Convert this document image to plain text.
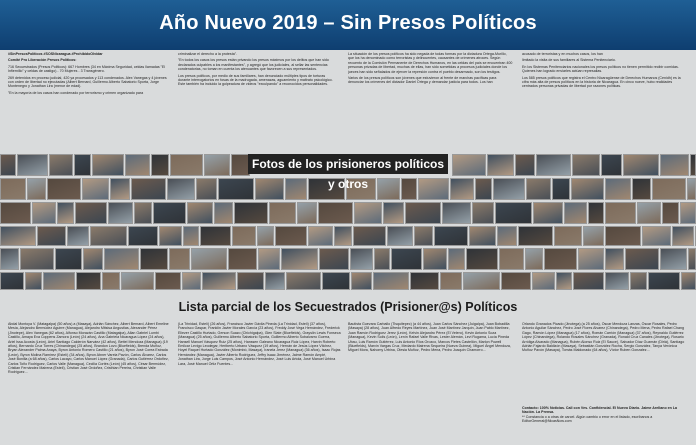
Año Nuevo 2019 – Sin Presos Políticos

#SinPresosPolíticos #SOSNicaragua #ProhibidoOlvidar

Comité Pro Liberación Presos Políticos:

716 Secuestrados (Presos Políticos): 667 Hombres (34 en Máxima Seguridad, celdas llamadas "El Infiernillo" y celdas de castigo) - 70 Mujeres - 3 Transgénero.

269 detenidos en proceso judicial, 420 ya procesados y 113 condenados. Alex Vanegas y 4 jóvenes con orden de libertad no ejecutadas (Albert Bernard, Guillermo Alberto Sabatorio Sporta, Jorge Montenegro y Jonathan Lira (menor de edad).

"En la mayoría de los casos han condenado por terrorismo y crimen organizado para

criminalizar el derecho a la protesta".

"En todos los casos los presos están privando los presos máximos por los delitos que han sido declarados culpables a los manifestantes", y agregó que los judiciales, al sellar las sentencias condenatorias, no toman en cuenta los atenuantes que favorecen a sus representados.

Los presos políticos, por medio de sus familiares, han denunciado múltiples tipos de torturas durante interrogatorios en fosas de la madrugada, amenazas, aguamiento y maltrato psicológico. Este también ha incluido la golpeadura de videos "exculpando" a reconocidos personalidades.

La situación de los presos políticos ha sido negada de todas formas por la dictadura Ortega-Murillo, que los ha denominado como terroristas y delincuentes, causantes de crímenes atroces. Según recuento de la Comisión Permanente de Derechos Humanos, en las celdas del país se encuentran 400 personas privadas de libertad, muchas de ellas, han sido sometidas a procesos judiciales donde los jueces han sido señalados de ejercer la represión contra el pueblo desarmado, son los testigos.

Varios de los presos políticos son jóvenes que estuvieron al frente de marchas pacíficas para denunciar los crímenes del dictador Daniel Ortega y demandar justicia para todos. Los han

acusado de terroristas y en muchos casos, los han

limitado la visita de sus familiares al Sistema Penitenciario.

En los Sistemas Penitenciarios nacionales los presos políticos no tienen permitido recibir comidas. Quienes han logrado enviarles actúan represalias.

Los 585 presos políticos que registra el Centro Nicaragüense de Derechos Humanos (Cenidh) es la cifra más alta de presos políticos en la historia de Nicaragua. En cinco nueve, hubo realidades centrados personas privadas de libertad por razones políticas.

Fotos de los prisioneros políticos y otros
Lista parcial de los Secuestrados (Prisioner@s) Políticos
Abdal Montoya V. (Matagalpa) (50 años) a (Masaya), Adrián Sánchez, Albert Bernard, Albert Emeline Mesía, Alejandro Bermúdez Aguirre (Managua), Alejandro Mitsisa Angustias, Alexander Pérez (Jinotepe), Alex Vanegas (62 años), Alfonso Morazán Castillo (Matagalpa), Allan Gabriel Lumbí Castillo, Amaya Eva Coppens Zamora (León) (24 años), Ana Gabriela Nicaragua López (24 años), Ariel Issa Acosta (León), Ariel Santiago Calderón Narváez (42 años), Bettel Mendoza (Managua) (19 años), Bernardo Cruz Torres (Chinandega) (25 años), Brandon Lovo (Bluefields), Brenda Muñoz, Bryan Alexander Palma Anaya, Byron Antonio Romero Castillo (21 años), Byron José Corea Estrada (León), Byron Molina Ramírez (Estelí) (34 años), Byron Abner Varela Pavón, Carlos Álvarez, Carlos José Bonilla (a 68 años), Carlos Lacayo, Carlos Manuel López (Granada), Carlos Gutiérrez Ordoñez, Carlos Toño Rodríguez, Carlos Valle (Managua), Cecilia Cortés (León) (45 años), César Bermúdez, Cristian Fernández Mairena (Estelí), Cristian José Ordoñez, Cristhian Pereira, Christian Valle Rodríguez...
(La Trinidad, Estelí) (26 años), Francisco Javier Dávila Pineda (La Trinidad, Estelí) (37 años), Francisco Gaspar, Franklin Javier Morales García (23 años), Freddy José Vega Hernández, Frederick Eliezer Castillo Hurtado, Gerson Suazo (Chichigalpa), Glen Slate (Bluefields), Grayslin Lewis Fonseca (Managua) (25 años), Guillermo Alberto Sabatorio Sporta, Guillermo Alberto Sobalvarro Guerra, Hansell Manuel Vásquez Ruiz (25 años), Hanssen Galeano Nicaragua Ruiz López, Harvin Roberto Emilcar Levigo Leodegar, Heriberto Urbano Vásquez (19 años), Hernán de Jesús López Vílchez, Hoyel Raquel Hurtado González (Monimbó, Masaya), Iranela Jerez (Managua) (36 años), Isaac Rojas Hernández (Managua), Javier Alberto Rodríguez, Jeffry Isaac Jiménez, Jaime Ramón Ampié, Jonathan Lira, Jorge Luis Campos, José Antonio Hernández, José Luis Artola, José Manuel Urbina Lara, José Manuel Ortiz Fuentes...
Bautista Guevara Carballo (Tisquitepec) (a 44 años), Juan Carlos Sánchez (Juigalpa), Juan Bobadilla (Masaya) (28 años), Juan Alfredo Reyes Martínez, Juan José Martínez Jarquín, Juan Pablo Martínez, Juan Ramón Rodríguez Jerez (León), Kelvin Alejandro Pérez (El Velero), Kevin Antonio Soza (Managua), Kevin Solís (León), Lenín Rafael Valle Rivas, Lester Alemán, Levi Rugama, Lucía Pineda Ubau, Luis Ramón Gutiérrez, Luis Antonio Ríos Orozco, Marcos Fletes Castellón, Marlon Powell (Bluefields), Marvin Vargas Cruz, Medardo Mairena Sequeira (Nueva Guinea), Miguel Ángel Mendoza, Miguel Mora, Nahomy Urbina, Olesia Muñoz, Pedro Mena, Pedro Joaquín Chamorro...
Orlando Granados Picado (Jinotega) (a 25 años), Óscar Mendoza Lanzas, Óscar Rosales, Pedro Antonio Aguilar Sánchez, Pedro José Flores Alvarez (Chinandega), Pedro Mena, Pedro Rafael Chang Gago, Ramón López (Managua) (17 años), Román Carrión (Managua) (37 años), Reynaldo Gutiérrez López (Chinandega), Rolando Rosales Sánchez (Granada), Ronald Cruz Canales (Jinotega), Rosario Arróliga Alvarado (Managua), Rubén Alonso Ruiz (El Sauce), Salvador Díaz Guzmán (Diriá), Santiago Adrián Fajardo Baldizón (Masaya), Sebastián González Rocha, Sergio González, Tanya Verónica Muñoz Pavón (Masaya), Tomás Maldonado (64 años), Víctor Ruben Gonzalez...
Contacto: 100% Noticias. Call con Ves. Confidencial. El Nuevo Diario. Jaime Arellano en La Nación. La Prensa.
** Constancia o a otras de carcel. Algún cambio o error en el listado, escríbanos a EditorGeneral@NicasNow.com
